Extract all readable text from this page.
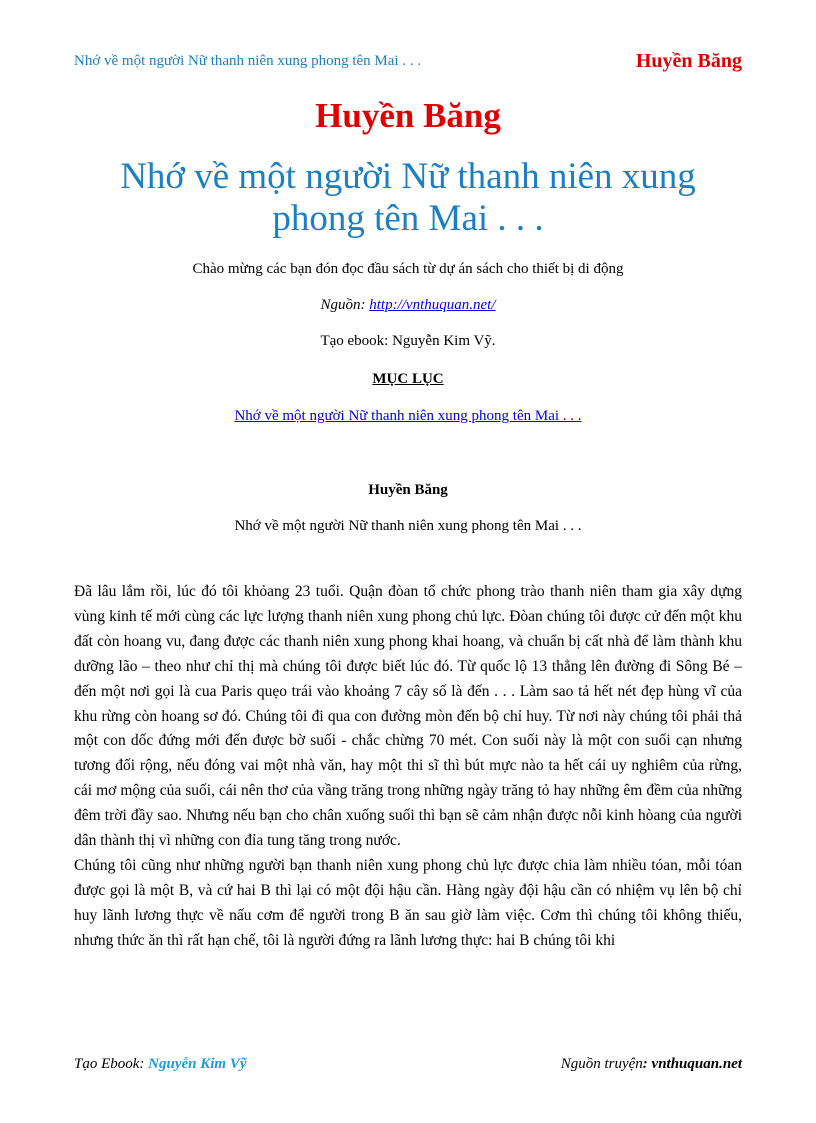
Nhớ về một người Nữ thanh niên xung phong tên Mai . . .	Huyền Băng
Huyền Băng
Nhớ về một người Nữ thanh niên xung phong tên Mai . . .
Chào mừng các bạn đón đọc đầu sách từ dự án sách cho thiết bị di động
Nguồn: http://vnthuquan.net/
Tạo ebook: Nguyễn Kim Vỹ.
MỤC LỤC
Nhớ về một người Nữ thanh niên xung phong tên Mai . . .
Huyền Băng
Nhớ về một người Nữ thanh niên xung phong tên Mai . . .

Đã lâu lắm rồi, lúc đó tôi khỏang 23 tuổi. Quận đòan tổ chức phong trào thanh niên tham gia xây dựng vùng kinh tế mới cùng các lực lượng thanh niên xung phong chủ lực. Đòan chúng tôi được cử đến một khu đất còn hoang vu, đang được các thanh niên xung phong khai hoang, và chuẩn bị cất nhà để làm thành khu dưỡng lão – theo như chỉ thị mà chúng tôi được biết lúc đó. Từ quốc lộ 13 thẳng lên đường đi Sông Bé – đến một nơi gọi là cua Paris quẹo trái vào khoảng 7 cây số là đến . . . Làm sao tả hết nét đẹp hùng vĩ của khu rừng còn hoang sơ đó. Chúng tôi đi qua con đường mòn đến bộ chỉ huy. Từ nơi này chúng tôi phải thả một con dốc đứng mới đến được bờ suối - chắc chừng 70 mét. Con suối này là một con suối cạn nhưng tương đối rộng, nếu đóng vai một nhà văn, hay một thi sĩ thì bút mực nào ta hết cái uy nghiêm của rừng, cái mơ mộng của suối, cái nên thơ của vầng trăng trong những ngày trăng tỏ hay những êm đềm của những đêm trời đầy sao. Nhưng nếu bạn cho chân xuống suối thì bạn sẽ cảm nhận được nỗi kinh hòang của người dân thành thị vì những con đỉa tung tăng trong nước.

Chúng tôi cũng như những người bạn thanh niên xung phong chủ lực được chia làm nhiều tóan, mỗi tóan được gọi là một B, và cứ hai B thì lại có một đội hậu cần. Hàng ngày đội hậu cần có nhiệm vụ lên bộ chỉ huy lãnh lương thực về nấu cơm để người trong B ăn sau giờ làm việc. Cơm thì chúng tôi không thiếu, nhưng thức ăn thì rất hạn chế, tôi là người đứng ra lãnh lương thực: hai B chúng tôi khi

Tạo Ebook: Nguyễn Kim Vỹ	Nguồn truyện: vnthuquan.net
